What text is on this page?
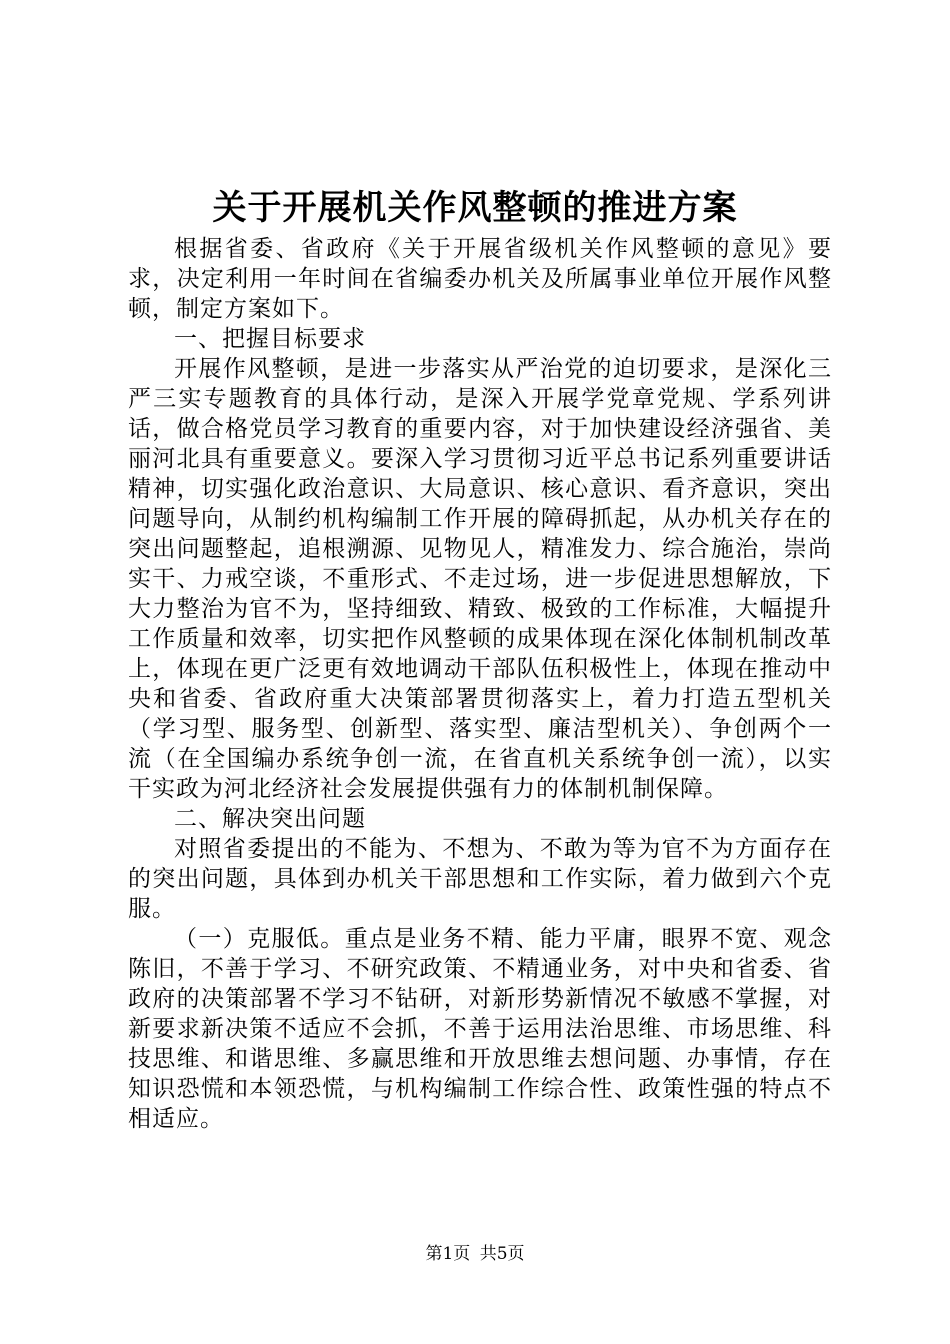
关于开展机关作风整顿的推进方案

根据省委、省政府《关于开展省级机关作风整顿的意见》要求，决定利用一年时间在省编委办机关及所属事业单位开展作风整顿，制定方案如下。

一、把握目标要求

开展作风整顿，是进一步落实从严治党的迫切要求，是深化三严三实专题教育的具体行动，是深入开展学党章党规、学系列讲话，做合格党员学习教育的重要内容，对于加快建设经济强省、美丽河北具有重要意义。要深入学习贯彻习近平总书记系列重要讲话精神，切实强化政治意识、大局意识、核心意识、看齐意识，突出问题导向，从制约机构编制工作开展的障碍抓起，从办机关存在的突出问题整起，追根溯源、见物见人，精准发力、综合施治，崇尚实干、力戒空谈，不重形式、不走过场，进一步促进思想解放，下大力整治为官不为，坚持细致、精致、极致的工作标准，大幅提升工作质量和效率，切实把作风整顿的成果体现在深化体制机制改革上，体现在更广泛更有效地调动干部队伍积极性上，体现在推动中央和省委、省政府重大决策部署贯彻落实上，着力打造五型机关（学习型、服务型、创新型、落实型、廉洁型机关）、争创两个一流（在全国编办系统争创一流，在省直机关系统争创一流），以实干实政为河北经济社会发展提供强有力的体制机制保障。

二、解决突出问题

对照省委提出的不能为、不想为、不敢为等为官不为方面存在的突出问题，具体到办机关干部思想和工作实际，着力做到六个克服。

（一）克服低。重点是业务不精、能力平庸，眼界不宽、观念陈旧，不善于学习、不研究政策、不精通业务，对中央和省委、省政府的决策部署不学习不钻研，对新形势新情况不敏感不掌握，对新要求新决策不适应不会抓，不善于运用法治思维、市场思维、科技思维、和谐思维、多赢思维和开放思维去想问题、办事情，存在知识恐慌和本领恐慌，与机构编制工作综合性、政策性强的特点不相适应。

第1页 共5页
